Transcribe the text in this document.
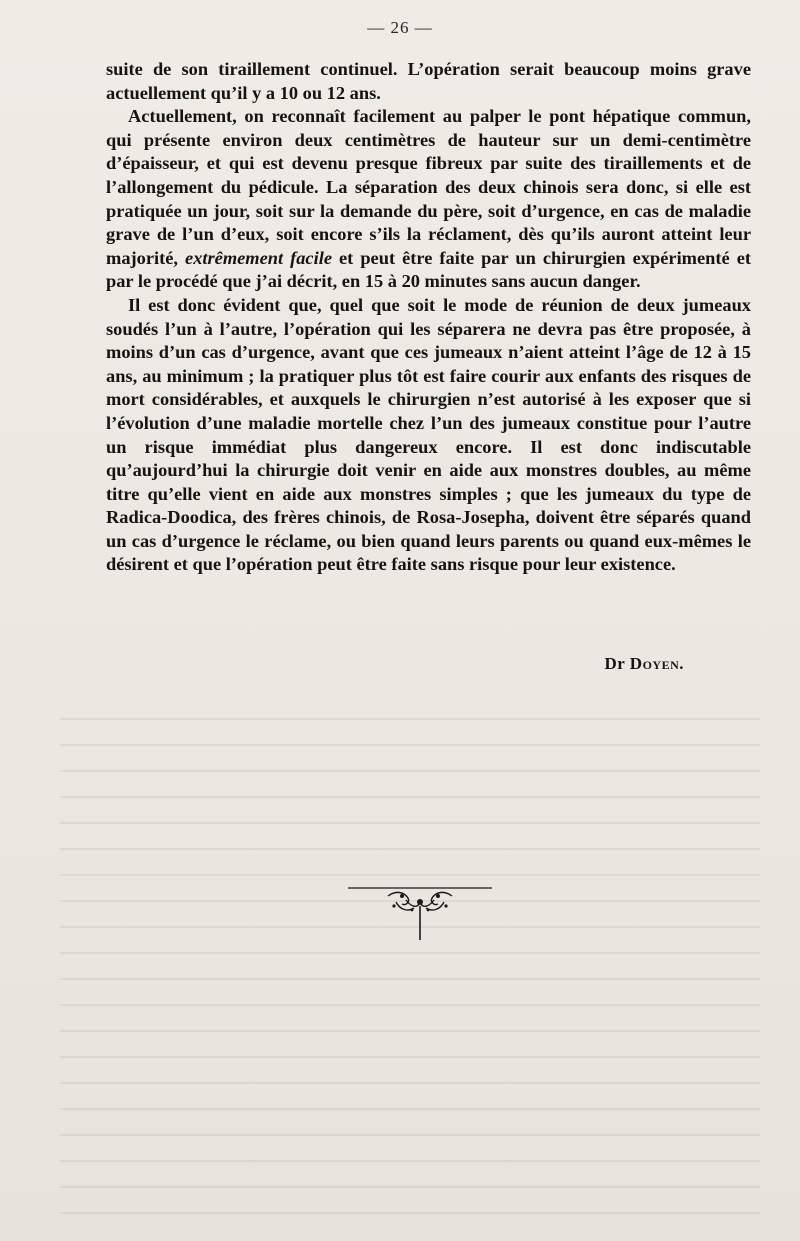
— 26 —

suite de son tiraillement continuel. L’opération serait beaucoup moins grave actuellement qu’il y a 10 ou 12 ans.

Actuellement, on reconnaît facilement au palper le pont hépatique commun, qui présente environ deux centimètres de hauteur sur un demi-centimètre d’épaisseur, et qui est devenu presque fibreux par suite des tiraillements et de l’allongement du pédicule. La séparation des deux chinois sera donc, si elle est pratiquée un jour, soit sur la demande du père, soit d’urgence, en cas de maladie grave de l’un d’eux, soit encore s’ils la réclament, dès qu’ils auront atteint leur majorité, extrêmement facile et peut être faite par un chirurgien expérimenté et par le procédé que j’ai décrit, en 15 à 20 minutes sans aucun danger.

Il est donc évident que, quel que soit le mode de réunion de deux jumeaux soudés l’un à l’autre, l’opération qui les séparera ne devra pas être proposée, à moins d’un cas d’urgence, avant que ces jumeaux n’aient atteint l’âge de 12 à 15 ans, au minimum ; la pratiquer plus tôt est faire courir aux enfants des risques de mort considérables, et auxquels le chirurgien n’est autorisé à les exposer que si l’évolution d’une maladie mortelle chez l’un des jumeaux constitue pour l’autre un risque immédiat plus dangereux encore. Il est donc indiscutable qu’aujourd’hui la chirurgie doit venir en aide aux monstres doubles, au même titre qu’elle vient en aide aux monstres simples ; que les jumeaux du type de Radica-Doodica, des frères chinois, de Rosa-Josepha, doivent être séparés quand un cas d’urgence le réclame, ou bien quand leurs parents ou quand eux-mêmes le désirent et que l’opération peut être faite sans risque pour leur existence.

Dr Doyen.
